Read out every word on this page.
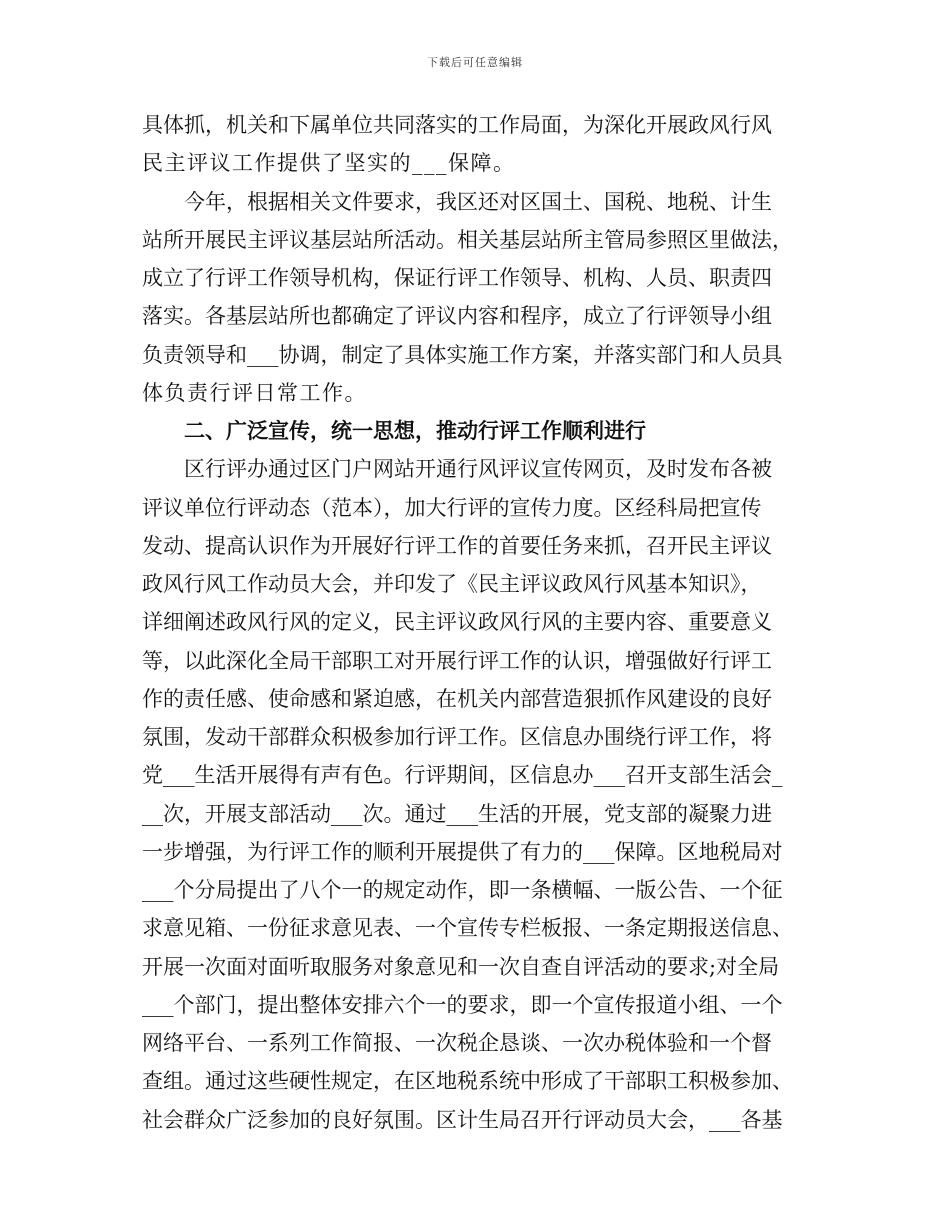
下载后可任意编辑
具体抓，机关和下属单位共同落实的工作局面，为深化开展政风行风
民主评议工作提供了坚实的___保障。
今年，根据相关文件要求，我区还对区国土、国税、地税、计生
站所开展民主评议基层站所活动。相关基层站所主管局参照区里做法，
成立了行评工作领导机构，保证行评工作领导、机构、人员、职责四
落实。各基层站所也都确定了评议内容和程序，成立了行评领导小组
负责领导和___协调，制定了具体实施工作方案，并落实部门和人员具
体负责行评日常工作。
二、广泛宣传，统一思想，推动行评工作顺利进行
区行评办通过区门户网站开通行风评议宣传网页，及时发布各被
评议单位行评动态（范本），加大行评的宣传力度。区经科局把宣传
发动、提高认识作为开展好行评工作的首要任务来抓，召开民主评议
政风行风工作动员大会，并印发了《民主评议政风行风基本知识》，
详细阐述政风行风的定义，民主评议政风行风的主要内容、重要意义
等，以此深化全局干部职工对开展行评工作的认识，增强做好行评工
作的责任感、使命感和紧迫感，在机关内部营造狠抓作风建设的良好
氛围，发动干部群众积极参加行评工作。区信息办围绕行评工作，将
党___生活开展得有声有色。行评期间，区信息办___召开支部生活会_
__次，开展支部活动___次。通过___生活的开展，党支部的凝聚力进
一步增强，为行评工作的顺利开展提供了有力的___保障。区地税局对
___个分局提出了八个一的规定动作，即一条横幅、一版公告、一个征
求意见箱、一份征求意见表、一个宣传专栏板报、一条定期报送信息、
开展一次面对面听取服务对象意见和一次自查自评活动的要求;对全局
___个部门，提出整体安排六个一的要求，即一个宣传报道小组、一个
网络平台、一系列工作简报、一次税企恳谈、一次办税体验和一个督
查组。通过这些硬性规定，在区地税系统中形成了干部职工积极参加、
社会群众广泛参加的良好氛围。区计生局召开行评动员大会，___各基
